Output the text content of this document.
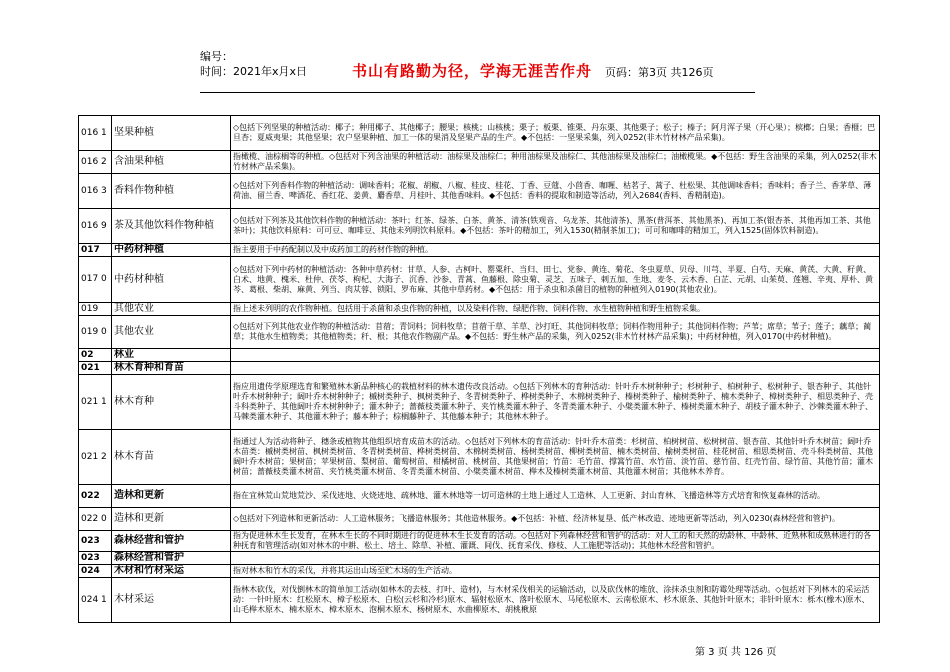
编号：
时间：2021年x月x日	书山有路勤为径，学海无涯苦作舟 页码：第3页 共126页
016 1	坚果种植	◇包括下列坚果的种植活动：椰子；种用椰子、其他椰子；腰果；核桃；山核桃；栗子；板栗、锥栗、丹东栗、其他栗子；松子；榛子；阿月浑子果（开心果）；槟榔；白果；香榧；巴旦杏；夏威夷果；其他坚果；农户坚果种植、加工一体的果消及坚果产品的生产。◆不包括：一坚果采集，列入0252(非木竹材林产品采集)。
016 2	含油果种植	指橄榄、油棕榈等的种植。◇包括对下列含油果的种植活动：油棕果及油棕仁；种用油棕果及油棕仁、其他油棕果及油棕仁；油橄榄果。◆不包括：野生含油果的采集，列入0252(非木竹材林产品采集)。
016 3	香料作物种植	◇包括对下列香料作物的种植活动：调味香料；花椒、胡椒、八椒、桂皮、桂花、丁香、豆蔻、小茴香、咖喱、枯茗子、蒿子、杜松果、其他调味香料；香味料；香子兰、香茅草、薄荷油、留兰香、啤酒花、香红花、姜黄、麝香草、月桂叶、其他香味料。◆不包括：香料的提取和制造等活动，列入2684(香料、香精制造)。
016 9	茶及其他饮料作物种植	◇包括对下列茶及其他饮料作物的种植活动：茶叶；红茶、绿茶、白茶、黄茶、清茶(铁观音、乌龙茶、其他清茶)、黑茶(普洱茶、其他黑茶)、再加工茶(银杏茶、其他再加工茶、其他茶叶)；其他饮料原料：可可豆、咖啡豆、其他未列明饮料原料。◆不包括：茶叶的精加工，列入1530(精制茶加工)；可可和咖啡的精加工，列入1525(固体饮料制造)。
017	中药材种植	指主要用于中药配制以及中成药加工的药材作物的种植。
017 0	中药材种植	◇包括对下列中药材的种植活动：各种中草药材：甘草、人参、古柯叶、罂粟秆、当归、田七、党参、黄连、菊花、冬虫夏草、贝母、川芎、半夏、白芍、天麻、黄芪、大黄、籽黄、白术、地黄、槐米、杜仲、茯苓、枸杞、大海子、沉香、沙参、青蒿、鱼藤根、除虫菊、灵芝、五味子、剌五加、生地、麦冬、云木香、白芷、元胡、山茱萸、莲翘、辛夷、厚朴、黄芩、葛根、柴胡、麻黄、列当、肉苁蓉、锁阳、罗布麻、其他中草药材。◆不包括：用于杀虫和杀菌目的植物的种植列入0190(其他农业)。
019	其他农业	指上述未列明的农作物种植。包括用于杀菌和杀虫作物的种植，以及染料作物、绿肥作物、饲料作物、水生植物种植和野生植物采集。
019 0	其他农业	◇包括对下列其他农业作物的种植活动：苜蓿；青饲料；饲料牧草；苜蓿干草、羊草、沙打旺、其他饲料牧草；饲料作物用种子；其他饲料作物；芦苇；席草；苇子；莲子；藕草；蔺草；其他水生植物类；其他植物类；秆、根；其他农作物副产品。◆不包括：野生林产品的采集，列入0252(非木竹材林产品采集)；中药材种植，列入0170(中药材种植)。
02	林业	
021	林木育种和育苗	
021 1	林木育种	指应用遗传学原理选育和繁殖林木新品种核心的栽植材料的林木遗传改良活动。◇包括下列林木的育种活动：针叶乔木树种种子；杉树种子、柏树种子、松树种子、银杏种子、其他针叶乔木树种种子；阔叶乔木树种种子；槭树类种子、枫树类种子、冬青树类种子、桦树类种子、木棉树类种子、榛树类种子、榆树类种子、楠木类种子、樟树类种子、相思类种子、壳斗科类种子、其他阔叶乔木树种种子；灌木种子；蔷薇枝类灌木种子、夹竹桃类灌木种子、冬青类灌木种子、小檗类灌木种子、榛树类灌木种子、胡枝子灌木种子、沙棘类灌木种子、马棘类灌木种子、其他灌木种子；藤本种子；棕榈藤种子、其他藤本种子；其他林木种子。
021 2	林木育苗	指通过人为活动将种子、穗条或植物其他组织培育成苗木的活动。◇包括对下列林木的育苗活动：针叶乔木苗类：杉树苗、柏树树苗、松树树苗、银杏苗、其他针叶乔木树苗；阔叶乔木苗类：槭树类树苗、枫树类树苗、冬青树类树苗、桦树类树苗、木棉树类树苗、杨树类树苗、柳树类树苗、楠木类树苗、榆树类树苗、桂花树苗、相思类树苗、壳斗科类树苗、其他阔叶乔木树苗；果树苗；苹果树苗、梨树苗、葡萄树苗、柑橘树苗、桃树苗、其他果树苗；竹苗：毛竹苗、撑篙竹苗、水竹苗、淡竹苗、慈竹苗、红壳竹苗、绿竹苗、其他竹苗；灌木树苗；蔷薇枝类灌木树苗、夹竹桃类灌木树苗、冬青类灌木树苗、小檗类灌木树苗、榉木及榛树类灌木树苗、其他灌木树苗；其他林木养育。
022	造林和更新	指在宜林荒山荒地荒沙、采伐迹地、火烧迹地、疏林地、灌木林地等一切可造林的土地上通过人工造林、人工更新、封山育林、飞播造林等方式培育和恢复森林的活动。
022 0	造林和更新	◇包括对下列造林和更新活动：人工造林服务；飞播造林服务；其他造林服务。◆不包括：补植、经济林复垦、低产林改造、迹地更新等活动，列入0230(森林经营和管护)。
023	森林经营和管护	指为促进林木生长发育，在林木生长的不同时期进行的促进林木生长发育的活动。◇包括对下列森林经营和管护的活动：对人工的和天然的幼龄林、中龄林、近熟林和成熟林进行的各种抚育和管理活动(如对林木的中耕、松土、培土、除草、补植、灌溉、间伐、抚育采伐、修枝、人工施肥等活动)；其他林木经营和管护。
023	森林经营和管护	
024	木材和竹材采运	指对林木和竹木的采伐，并将其运出山场至贮木场的生产活动。
024 1	木材采运	指林木砍伐，对伐倒林木的简单加工活动(如林木的去枝、打叶、造材)，与木材采伐相关的运输活动，以及砍伐林的堆放、涂抹杀虫剂和防霉处理等活动。◇包括对下列林木的采运活动：一针叶原木：红松原木、樟子松原木、白松(云杉和冷杉)原木、辐射松原木、落叶松原木、马尾松原木、云南松原木、杉木原条、其他针叶原木；非针叶原木：栎木(橡木)原木、山毛榉木原木、楠木原木、樟木原木、泡桐木原木、杨树原木、水曲柳原木、胡桃楸原
第 3 页 共 126 页
